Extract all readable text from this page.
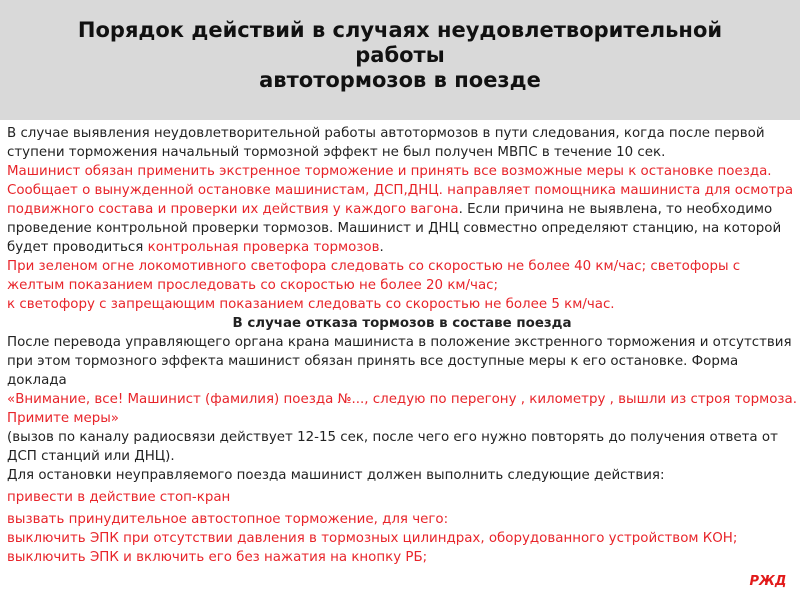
Порядок действий в случаях неудовлетворительной
работы
автотормозов в поезде

В случае выявления неудовлетворительной работы автотормозов в пути следования, когда после первой ступени торможения начальный тормозной эффект не был получен МВПС в течение 10 сек.

Машинист обязан применить экстренное торможение и принять все возможные меры к остановке поезда. Сообщает о вынужденной остановке машинистам, ДСП,ДНЦ. направляет помощника машиниста для осмотра подвижного состава и проверки их действия у каждого вагона. Если причина не выявлена, то необходимо проведение контрольной проверки тормозов. Машинист и ДНЦ совместно определяют станцию, на которой будет проводиться контрольная проверка тормозов.

При зеленом огне локомотивного светофора следовать со скоростью не более 40 км/час; светофоры с желтым показанием проследовать со скоростью не более 20 км/час;

к светофору с запрещающим показанием следовать со скоростью не более 5 км/час.

В случае отказа тормозов в составе поезда

После перевода управляющего органа крана машиниста в положение экстренного торможения и отсутствия при этом тормозного эффекта машинист обязан принять все доступные меры к его остановке. Форма доклада

«Внимание, все! Машинист (фамилия) поезда №..., следую по перегону , километру , вышли из строя тормоза. Примите меры»

(вызов по каналу радиосвязи действует 12-15 сек, после чего его нужно повторять до получения ответа от ДСП станций или ДНЦ).

Для остановки неуправляемого поезда машинист должен выполнить следующие действия:

привести в действие стоп-кран

вызвать принудительное автостопное торможение, для чего:

выключить ЭПК при отсутствии давления в тормозных цилиндрах, оборудованного устройством КОН;

выключить ЭПК и включить его без нажатия на кнопку РБ;

РЖД
